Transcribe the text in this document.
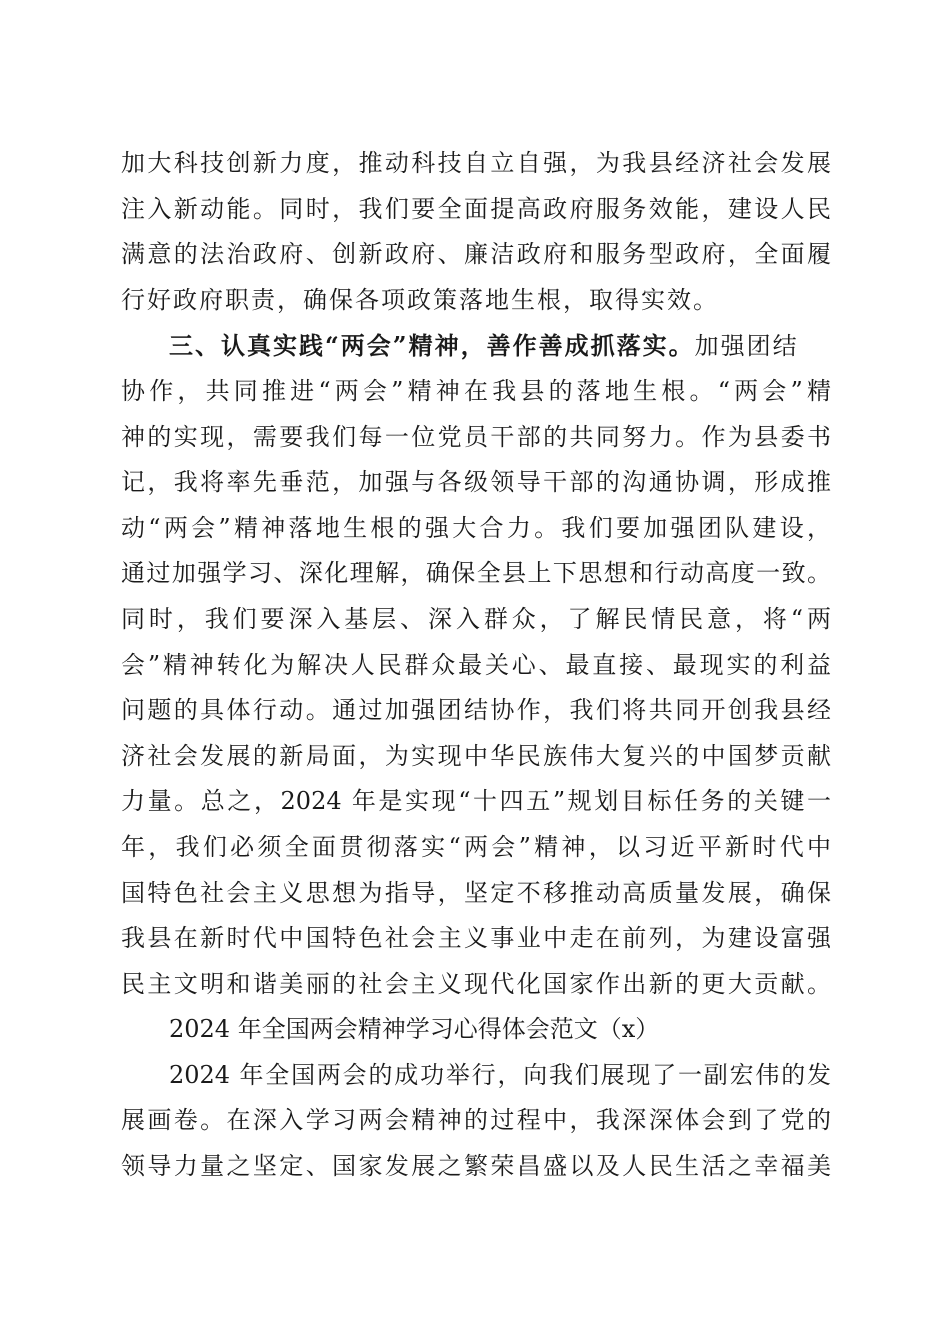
加大科技创新力度，推动科技自立自强，为我县经济社会发展
注入新动能。同时，我们要全面提高政府服务效能，建设人民
满意的法治政府、创新政府、廉洁政府和服务型政府，全面履
行好政府职责，确保各项政策落地生根，取得实效。
三、认真实践“两会”精神，善作善成抓落实。加强团结
协作，共同推进“两会”精神在我县的落地生根。“两会”精
神的实现，需要我们每一位党员干部的共同努力。作为县委书
记，我将率先垂范，加强与各级领导干部的沟通协调，形成推
动“两会”精神落地生根的强大合力。我们要加强团队建设，
通过加强学习、深化理解，确保全县上下思想和行动高度一致。
同时，我们要深入基层、深入群众，了解民情民意，将“两
会”精神转化为解决人民群众最关心、最直接、最现实的利益
问题的具体行动。通过加强团结协作，我们将共同开创我县经
济社会发展的新局面，为实现中华民族伟大复兴的中国梦贡献
力量。总之，2024 年是实现“十四五”规划目标任务的关键一
年，我们必须全面贯彻落实“两会”精神，以习近平新时代中
国特色社会主义思想为指导，坚定不移推动高质量发展，确保
我县在新时代中国特色社会主义事业中走在前列，为建设富强
民主文明和谐美丽的社会主义现代化国家作出新的更大贡献。
2024 年全国两会精神学习心得体会范文（x）
2024 年全国两会的成功举行，向我们展现了一副宏伟的发
展画卷。在深入学习两会精神的过程中，我深深体会到了党的
领导力量之坚定、国家发展之繁荣昌盛以及人民生活之幸福美
